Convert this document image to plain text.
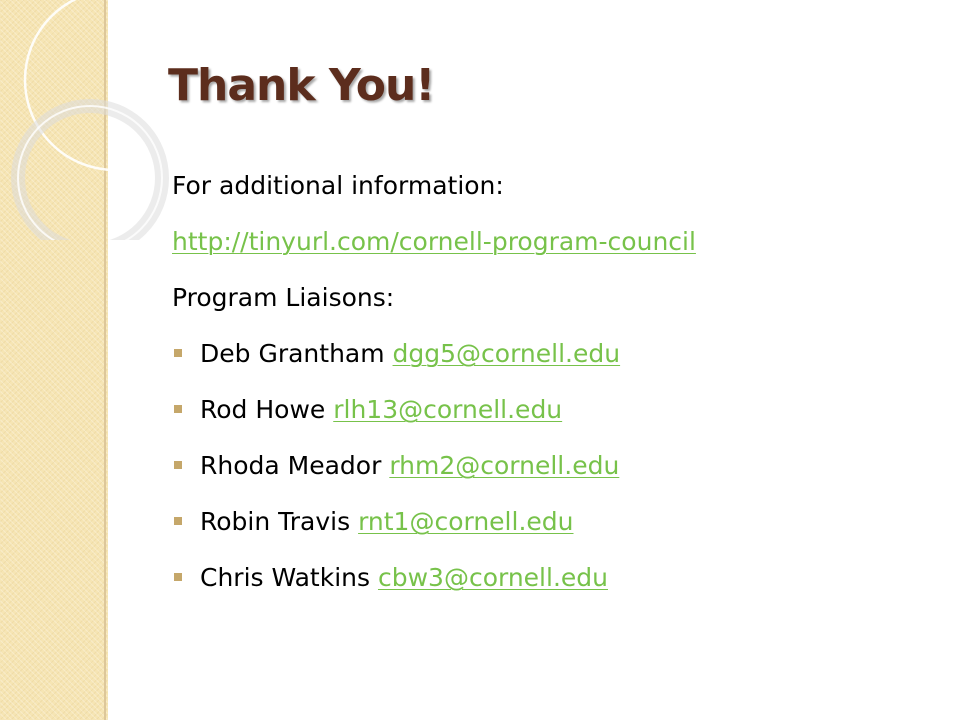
Thank You!
For additional information:
http://tinyurl.com/cornell-program-council
Program Liaisons:
Deb Grantham dgg5@cornell.edu
Rod Howe rlh13@cornell.edu
Rhoda Meador rhm2@cornell.edu
Robin Travis rnt1@cornell.edu
Chris Watkins cbw3@cornell.edu
